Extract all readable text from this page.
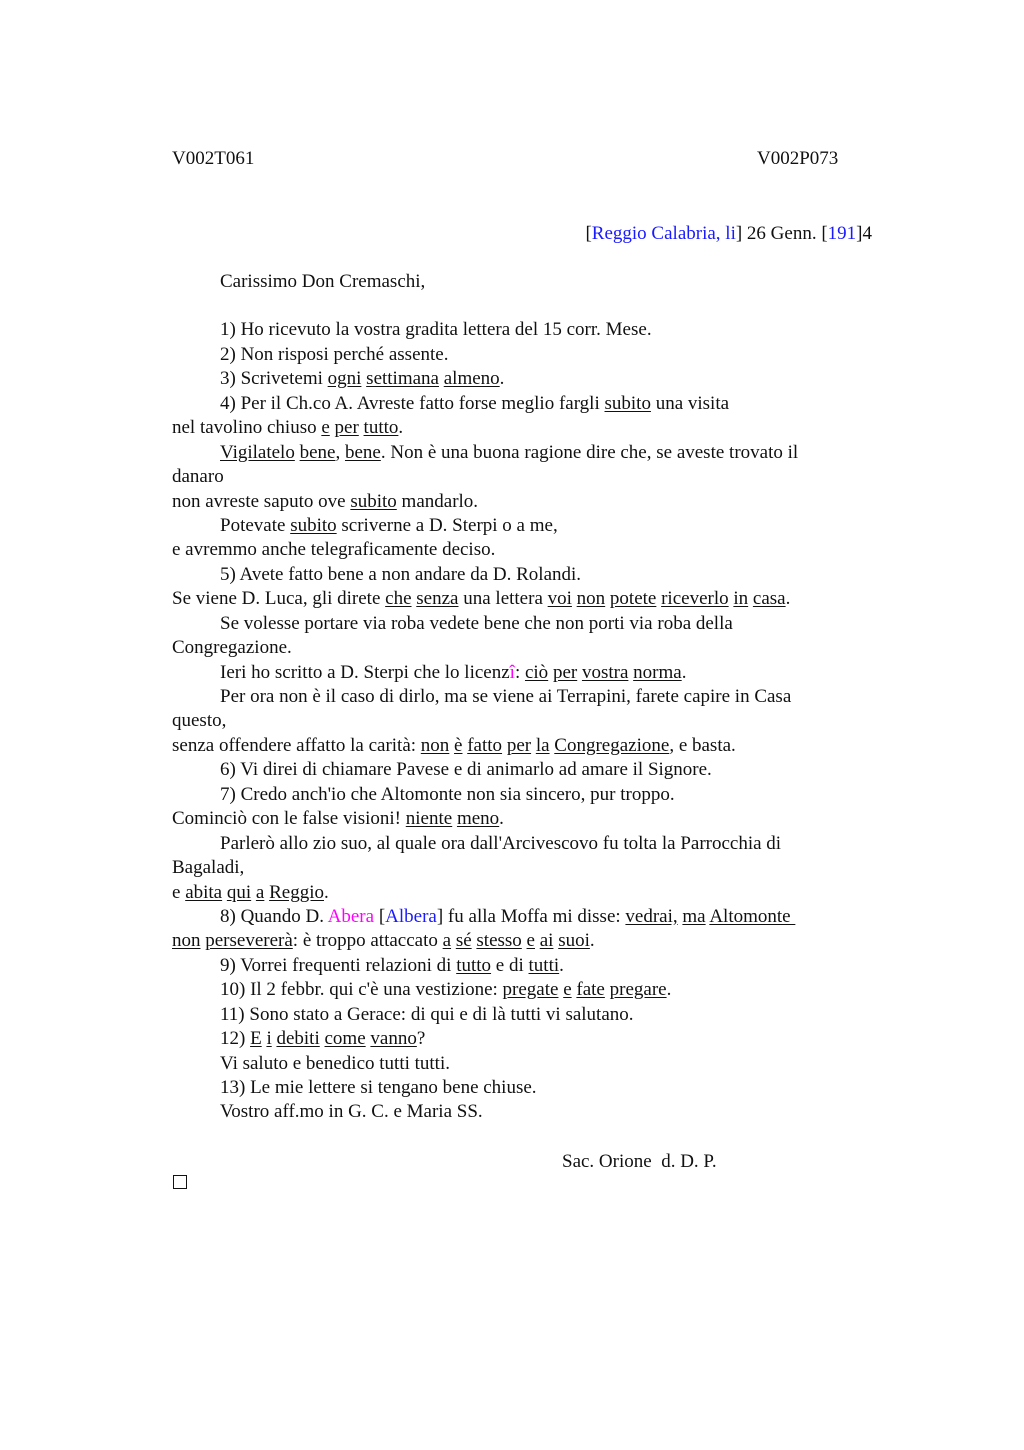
V002T061	V002P073
[Reggio Calabria, li] 26 Genn. [191]4
Carissimo Don Cremaschi,
1) Ho ricevuto la vostra gradita lettera del 15 corr. Mese.
2) Non risposi perché assente.
3) Scrivetemi ogni settimana almeno.
4) Per il Ch.co A. Avreste fatto forse meglio fargli subito una visita
nel tavolino chiuso e per tutto.
Vigilatelo bene, bene. Non è una buona ragione dire che, se aveste trovato il
danaro
non avreste saputo ove subito mandarlo.
Potevate subito scriverne a D. Sterpi o a me,
e avremmo anche telegraficamente deciso.
5) Avete fatto bene a non andare da D. Rolandi.
Se viene D. Luca, gli direte che senza una lettera voi non potete riceverlo in casa.
Se volesse portare via roba vedete bene che non porti via roba della
Congregazione.
Ieri ho scritto a D. Sterpi che lo licenzî: ciò per vostra norma.
Per ora non è il caso di dirlo, ma se viene ai Terrapini, farete capire in Casa
questo,
senza offendere affatto la carità: non è fatto per la Congregazione, e basta.
6) Vi direi di chiamare Pavese e di animarlo ad amare il Signore.
7) Credo anch'io che Altomonte non sia sincero, pur troppo.
Cominciò con le false visioni! niente meno.
Parlerò allo zio suo, al quale ora dall'Arcivescovo fu tolta la Parrocchia di
Bagaladi,
e abita qui a Reggio.
8) Quando D. Abera [Albera] fu alla Moffa mi disse: vedrai, ma Altomonte
non persevererà: è troppo attaccato a sé stesso e ai suoi.
9) Vorrei frequenti relazioni di tutto e di tutti.
10) Il 2 febbr. qui c'è una vestizione: pregate e fate pregare.
11) Sono stato a Gerace: di qui e di là tutti vi salutano.
12) E i debiti come vanno?
Vi saluto e benedico tutti tutti.
13) Le mie lettere si tengano bene chiuse.
Vostro aff.mo in G. C. e Maria SS.
Sac. Orione  d. D. P.
